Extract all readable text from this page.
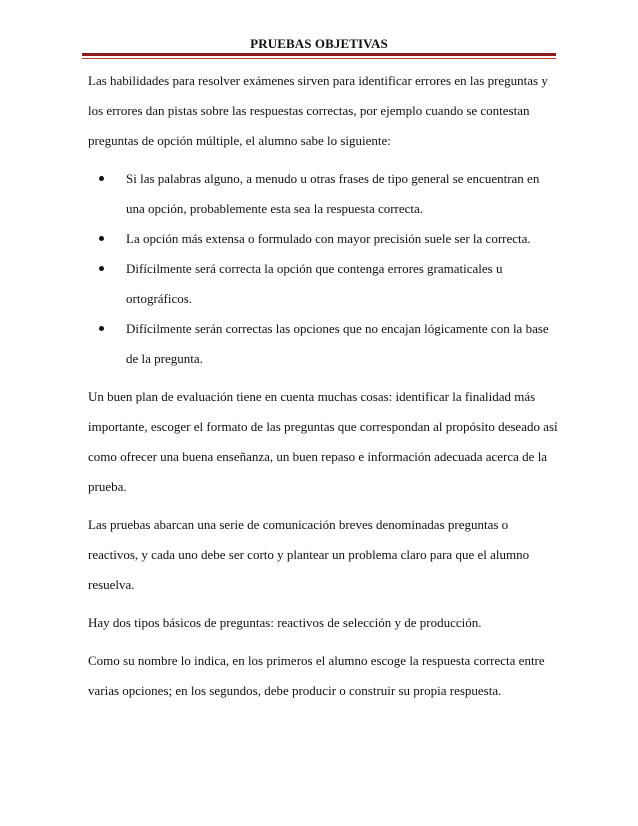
PRUEBAS OBJETIVAS

Las habilidades para resolver exámenes sirven para identificar errores en las preguntas y los errores dan pistas sobre las respuestas correctas, por ejemplo cuando se contestan preguntas de opción múltiple, el alumno sabe lo siguiente:

Si las palabras alguno, a menudo u otras frases de tipo general se encuentran en una opción, probablemente esta sea la respuesta correcta.
La opción más extensa o formulado con mayor precisión suele ser la correcta.
Difícilmente será correcta la opción que contenga errores gramaticales u ortográficos.
Difícilmente serán correctas las opciones que no encajan lógicamente con la base de la pregunta.

Un buen plan de evaluación tiene en cuenta muchas cosas: identificar la finalidad más importante, escoger el formato de las preguntas que correspondan al propósito deseado así como ofrecer una buena enseñanza, un buen repaso e información adecuada acerca de la prueba.

Las pruebas abarcan una serie de comunicación breves denominadas preguntas o reactivos, y cada uno debe ser corto y plantear un problema claro para que el alumno resuelva.

Hay dos tipos básicos de preguntas: reactivos de selección y de producción.

Como su nombre lo indica, en los primeros el alumno escoge la respuesta correcta entre varias opciones; en los segundos, debe producir o construir su propia respuesta.
